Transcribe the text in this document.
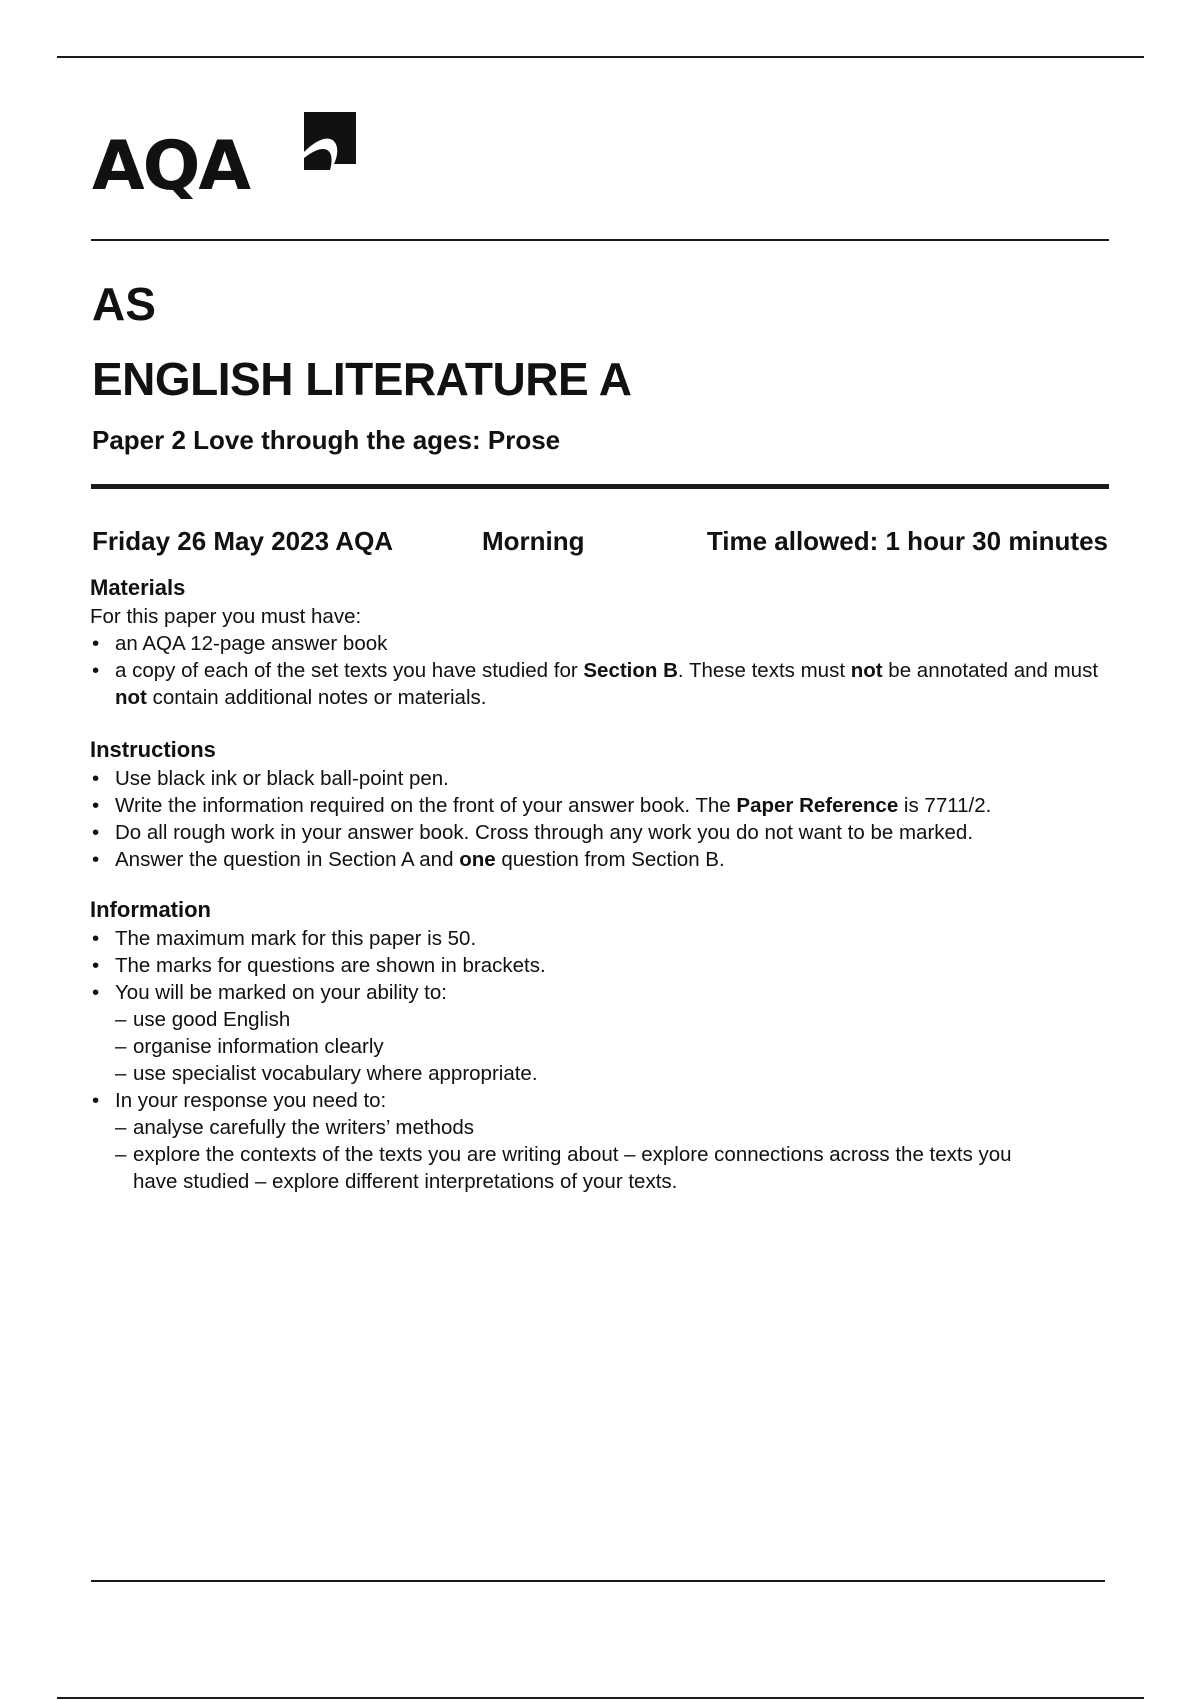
AQA
AS
ENGLISH LITERATURE A
Paper 2 Love through the ages: Prose
Friday 26 May 2023 AQA	Morning	Time allowed: 1 hour 30 minutes
Materials

For this paper you must have:

• an AQA 12-page answer book
• a copy of each of the set texts you have studied for Section B. These texts must not be annotated and must not contain additional notes or materials.
Instructions
• Use black ink or black ball-point pen.
• Write the information required on the front of your answer book. The Paper Reference is 7711/2.
• Do all rough work in your answer book. Cross through any work you do not want to be marked.
• Answer the question in Section A and one question from Section B.
Information
• The maximum mark for this paper is 50.
• The marks for questions are shown in brackets.
• You will be marked on your ability to:
– use good English
– organise information clearly
– use specialist vocabulary where appropriate.
• In your response you need to:
– analyse carefully the writers’ methods
– explore the contexts of the texts you are writing about – explore connections across the texts you have studied – explore different interpretations of your texts.
